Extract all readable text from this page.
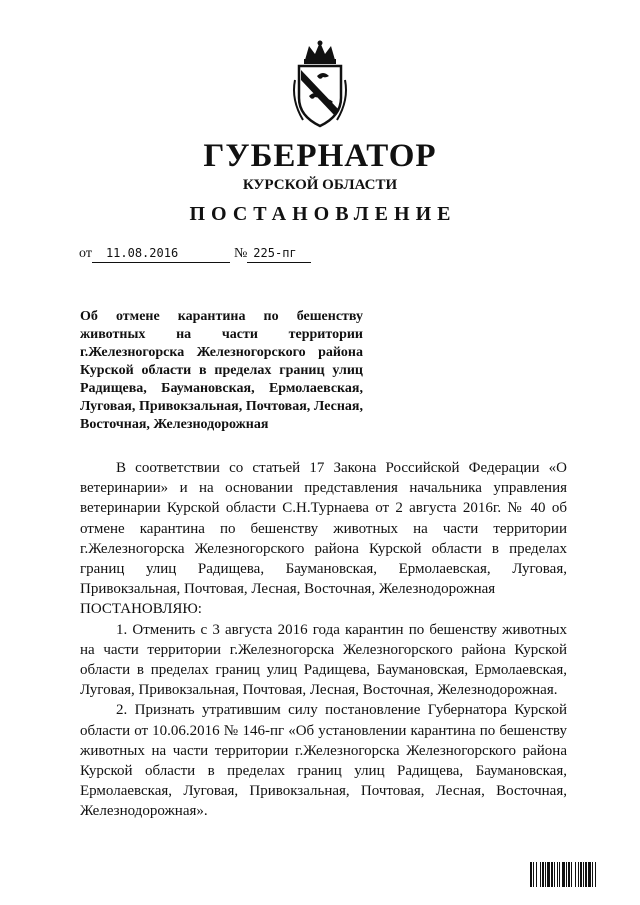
ГУБЕРНАТОР
КУРСКОЙ ОБЛАСТИ
ПОСТАНОВЛЕНИЕ
от 11.08.2016	№ 225-пг
Об отмене карантина по бешенству животных на части территории г.Железногорска Железногорского района Курской области в пределах границ улиц Радищева, Баумановская, Ермолаевская, Луговая, Привокзальная, Почтовая, Лесная, Восточная, Железнодорожная

В соответствии со статьей 17 Закона Российской Федерации «О ветеринарии» и на основании представления начальника управления ветеринарии Курской области С.Н.Турнаева от 2 августа 2016г. № 40 об отмене карантина по бешенству животных на части территории г.Железногорска Железногорского района Курской области в пределах границ улиц Радищева, Баумановская, Ермолаевская, Луговая, Привокзальная, Почтовая, Лесная, Восточная, Железнодорожная

ПОСТАНОВЛЯЮ:

1. Отменить с 3 августа 2016 года карантин по бешенству животных на части территории г.Железногорска Железногорского района Курской области в пределах границ улиц Радищева, Баумановская, Ермолаевская, Луговая, Привокзальная, Почтовая, Лесная, Восточная, Железнодорожная.

2. Признать утратившим силу постановление Губернатора Курской области от 10.06.2016 № 146-пг «Об установлении карантина по бешенству животных на части территории г.Железногорска Железногорского района Курской области в пределах границ улиц Радищева, Баумановская, Ермолаевская, Луговая, Привокзальная, Почтовая, Лесная, Восточная, Железнодорожная».
